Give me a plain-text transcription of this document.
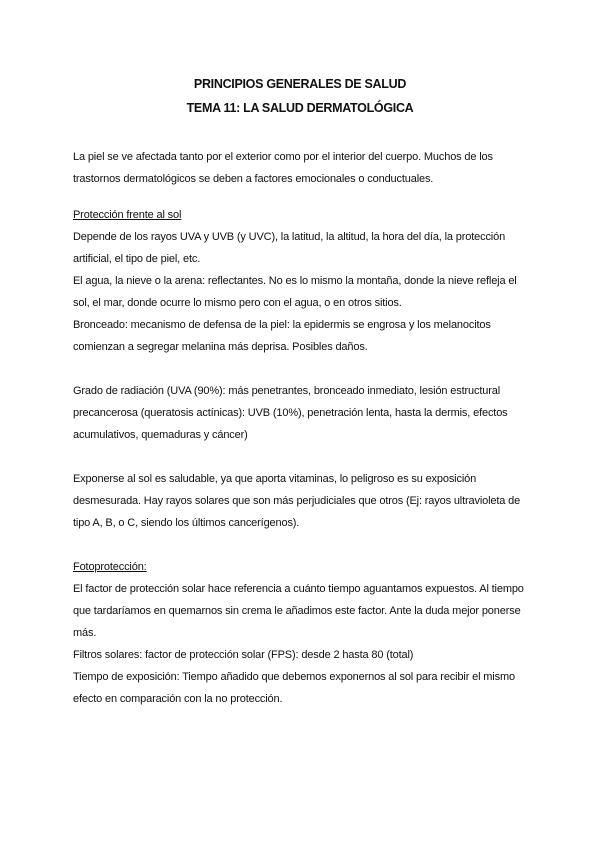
PRINCIPIOS GENERALES DE SALUD
TEMA 11: LA SALUD DERMATOLÓGICA

La piel se ve afectada tanto por el exterior como por el interior del cuerpo. Muchos de los trastornos dermatológicos se deben a factores emocionales o conductuales.

Protección frente al sol

Depende de los rayos UVA y UVB (y UVC), la latitud, la altitud, la hora del día, la protección artificial, el tipo de piel, etc.

El agua, la nieve o la arena: reflectantes. No es lo mismo la montaña, donde la nieve refleja el sol, el mar, donde ocurre lo mismo pero con el agua, o en otros sitios.

Bronceado: mecanismo de defensa de la piel: la epidermis se engrosa y los melanocitos comienzan a segregar melanina más deprisa. Posibles daños.

Grado de radiación (UVA (90%): más penetrantes, bronceado inmediato, lesión estructural precancerosa (queratosis actínicas): UVB (10%), penetración lenta, hasta la dermis, efectos acumulativos, quemaduras y cáncer)

Exponerse al sol es saludable, ya que aporta vitaminas, lo peligroso es su exposición desmesurada. Hay rayos solares que son más perjudiciales que otros (Ej: rayos ultravioleta de tipo A, B, o C, siendo los últimos cancerígenos).

Fotoprotección:

El factor de protección solar hace referencia a cuánto tiempo aguantamos expuestos. Al tiempo que tardaríamos en quemarnos sin crema le añadimos este factor. Ante la duda mejor ponerse más.

Filtros solares: factor de protección solar (FPS): desde 2 hasta 80 (total)

Tiempo de exposición: Tiempo añadido que debemos exponernos al sol para recibir el mismo efecto en comparación con la no protección.
